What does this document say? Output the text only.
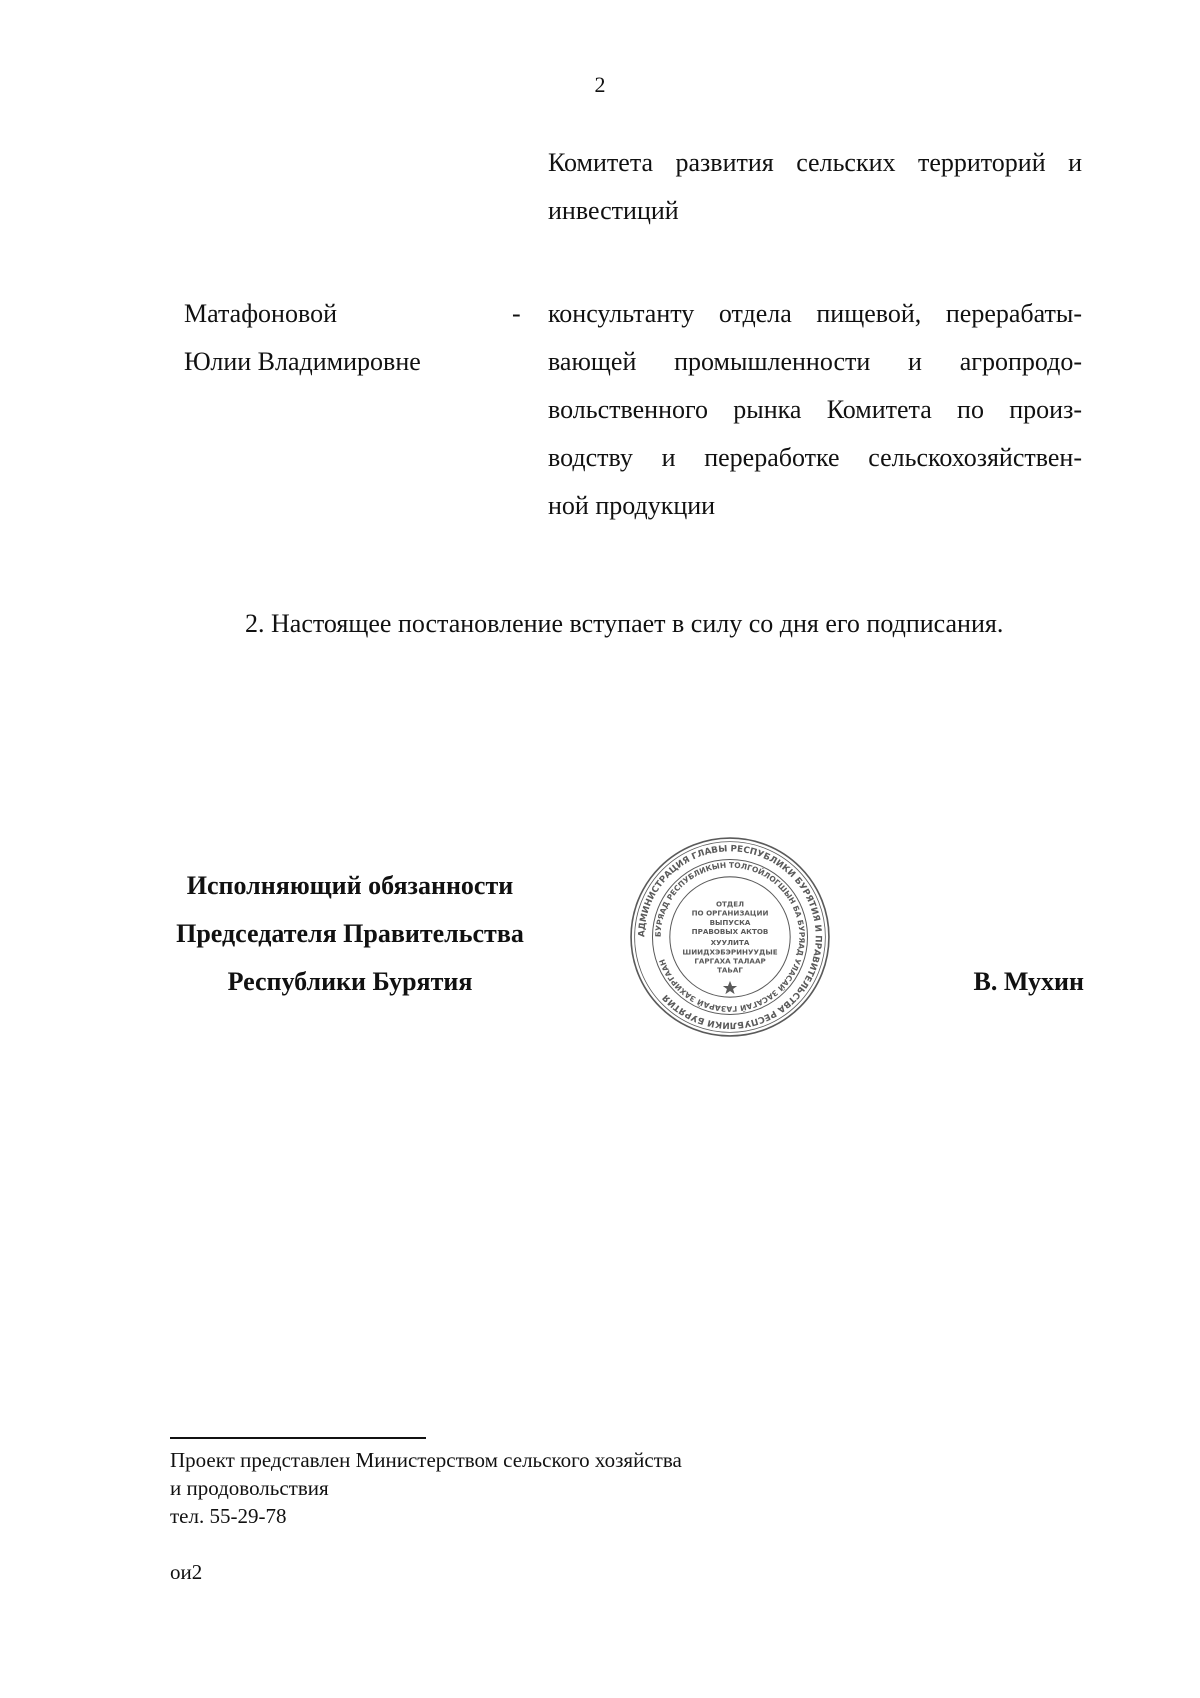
2
Комитета развития сельских территорий и
инвестиций
Матафоновой
Юлии Владимировне
-	консультанту отдела пищевой, перерабаты-
вающей промышленности и агропродо-
вольственного рынка Комитета по произ-
водству и переработке сельскохозяйствен-
ной продукции
2. Настоящее постановление вступает в силу со дня его подписания.
Исполняющий обязанности
Председателя Правительства
Республики Бурятия	В. Мухин
АДМИНИСТРАЦИЯ ГЛАВЫ РЕСПУБЛИКИ БУРЯТИЯ И ПРАВИТЕЛЬСТВА РЕСПУБЛИКИ БУРЯТИЯ
БУРЯАД РЕСПУБЛИКЫН ТОЛГОЙЛОГШЫН БА БУРЯАД УЛАСАЙ ЗАСАГАЙ ГАЗАРАЙ ЗАХИРГААН
ОТДЕЛ
ПО ОРГАНИЗАЦИИ
ВЫПУСКА
ПРАВОВЫХ АКТОВ
ХУУЛИТА
ШИИДХЭБЭРИНУУДЫЕ
ГАРГАХА ТАЛААР
ТАЬАГ
Проект представлен Министерством сельского хозяйства
и продовольствия
тел. 55-29-78
ои2
